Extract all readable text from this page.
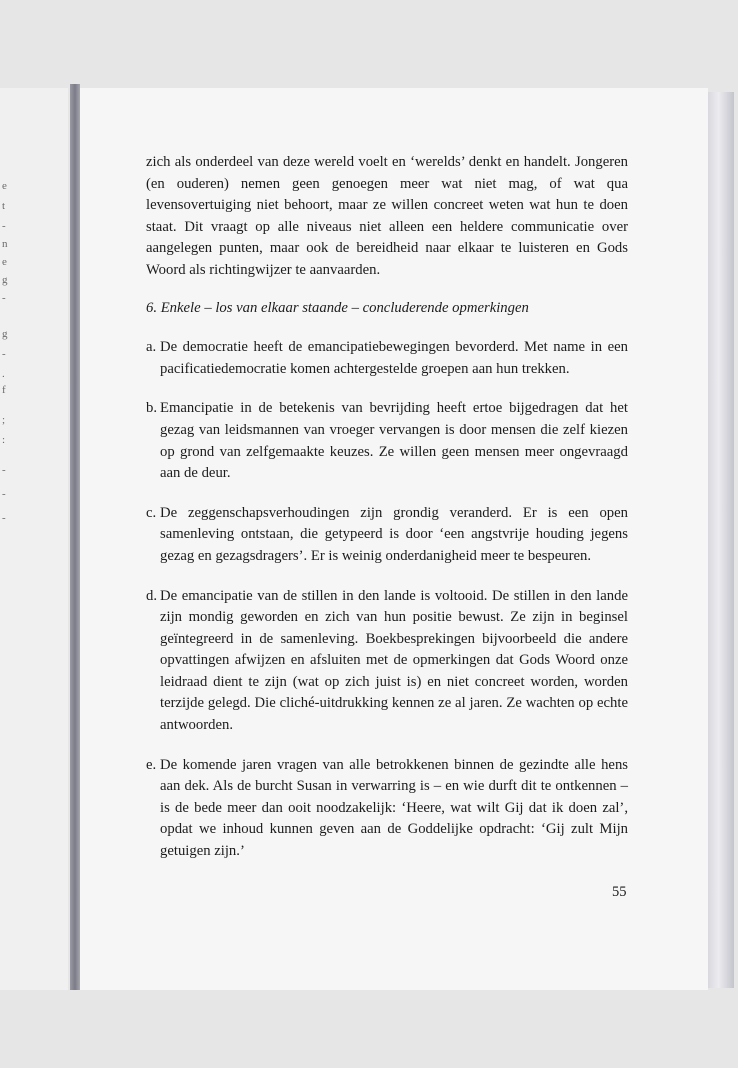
e
t
-
n
e
g
-
g
-
.
f
;
:
-
-
-

zich als onderdeel van deze wereld voelt en ‘werelds’ denkt en handelt. Jongeren (en ouderen) nemen geen genoegen meer wat niet mag, of wat qua levensovertuiging niet behoort, maar ze willen concreet weten wat hun te doen staat. Dit vraagt op alle niveaus niet alleen een heldere communicatie over aangelegen punten, maar ook de bereidheid naar elkaar te luisteren en Gods Woord als richtingwijzer te aanvaarden.

6. Enkele – los van elkaar staande – concluderende opmerkingen

a. De democratie heeft de emancipatiebewegingen bevorderd. Met name in een pacificatiedemocratie komen achtergestelde groepen aan hun trekken.
b. Emancipatie in de betekenis van bevrijding heeft ertoe bijgedragen dat het gezag van leidsmannen van vroeger vervangen is door mensen die zelf kiezen op grond van zelfgemaakte keuzes. Ze willen geen mensen meer ongevraagd aan de deur.
c. De zeggenschapsverhoudingen zijn grondig veranderd. Er is een open samenleving ontstaan, die getypeerd is door ‘een angstvrije houding jegens gezag en gezagsdragers’. Er is weinig onderdanigheid meer te bespeuren.
d. De emancipatie van de stillen in den lande is voltooid. De stillen in den lande zijn mondig geworden en zich van hun positie bewust. Ze zijn in beginsel geïntegreerd in de samenleving. Boekbesprekingen bijvoorbeeld die andere opvattingen afwijzen en afsluiten met de opmerkingen dat Gods Woord onze leidraad dient te zijn (wat op zich juist is) en niet concreet worden, worden terzijde gelegd. Die cliché-uitdrukking kennen ze al jaren. Ze wachten op echte antwoorden.
e. De komende jaren vragen van alle betrokkenen binnen de gezindte alle hens aan dek. Als de burcht Susan in verwarring is – en wie durft dit te ontkennen – is de bede meer dan ooit noodzakelijk: ‘Heere, wat wilt Gij dat ik doen zal’, opdat we inhoud kunnen geven aan de Goddelijke opdracht: ‘Gij zult Mijn getuigen zijn.’
55
